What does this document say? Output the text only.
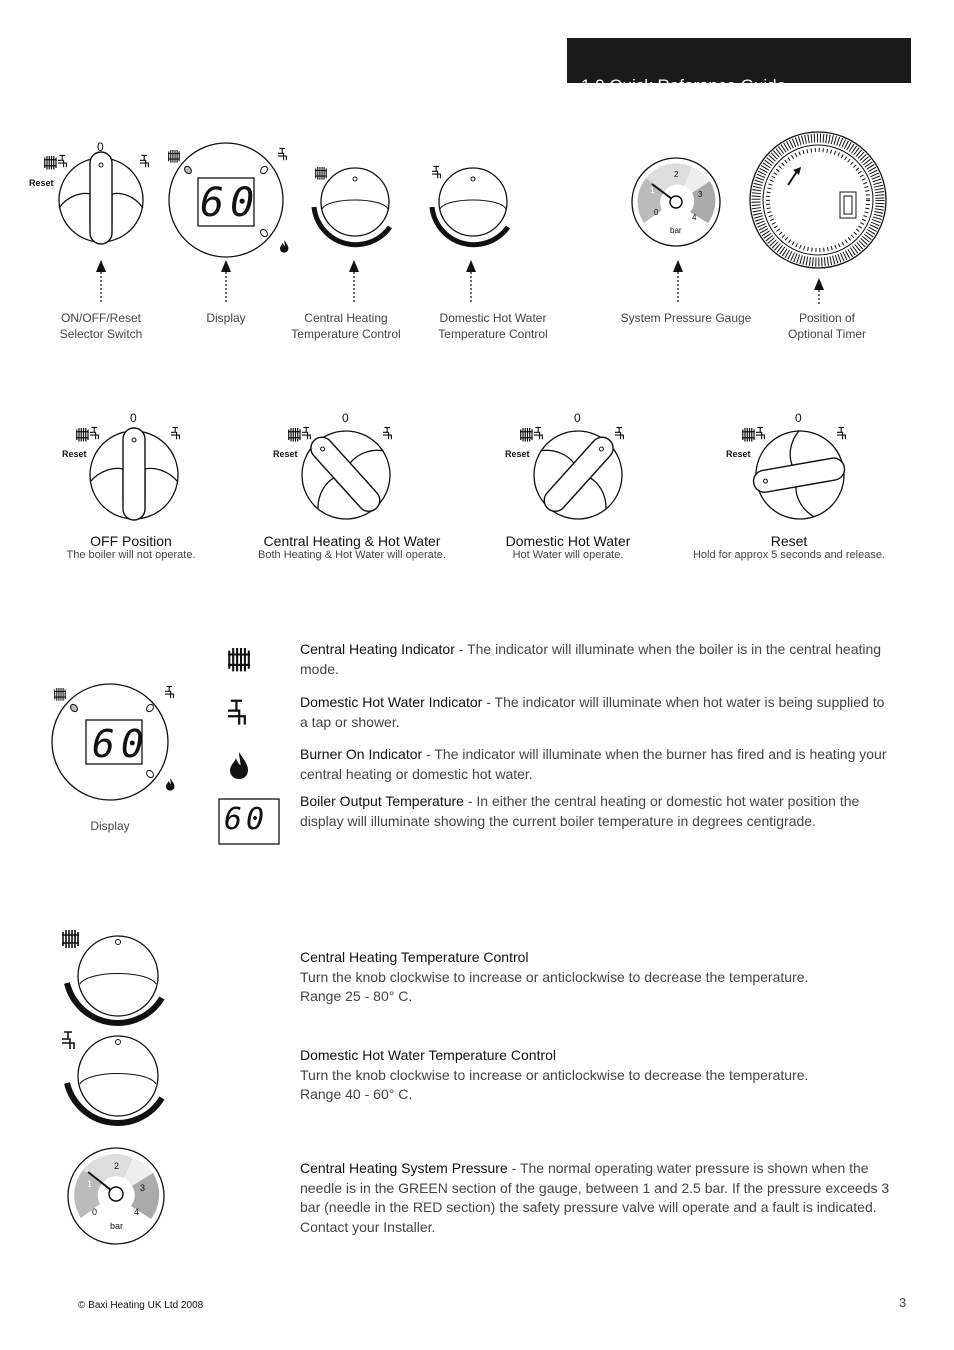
1.0 Quick Reference Guide
0
Reset	60	0
1
2
3
4
bar
ON/OFF/Reset
Selector Switch
Display	Central Heating
Temperature Control
Domestic Hot Water
Temperature Control
System Pressure Gauge	Position of
Optional Timer
0
Reset
0
Reset
0
Reset
0
Reset
OFF Position
The boiler will not operate.
Central Heating & Hot Water
Both Heating & Hot Water will operate.
Domestic Hot Water
Hot Water will operate.
Reset
Hold for approx 5 seconds and release.
60
Display	60
Central Heating Indicator - The indicator will illuminate when the boiler is in the central heating mode.
Domestic Hot Water Indicator - The indicator will illuminate when hot water is being supplied to a tap or shower.
Burner On Indicator - The indicator will illuminate when the burner has fired and is heating your central heating or domestic hot water.
Boiler Output Temperature - In either the central heating or domestic hot water position the display will illuminate showing the current boiler temperature in degrees centigrade.
Central Heating Temperature Control
Turn the knob clockwise to increase or anticlockwise to decrease the temperature.
Range 25 - 80° C.
Domestic Hot Water Temperature Control
Turn the knob clockwise to increase or anticlockwise to decrease the temperature.
Range 40 - 60° C.
0
1
2
3
4
bar
Central Heating System Pressure - The normal operating water pressure is shown when the needle is in the GREEN section of the gauge, between 1 and 2.5 bar. If the pressure exceeds 3 bar (needle in the RED section) the safety pressure valve will operate and a fault is indicated. Contact your Installer.
© Baxi Heating UK Ltd 2008	3
